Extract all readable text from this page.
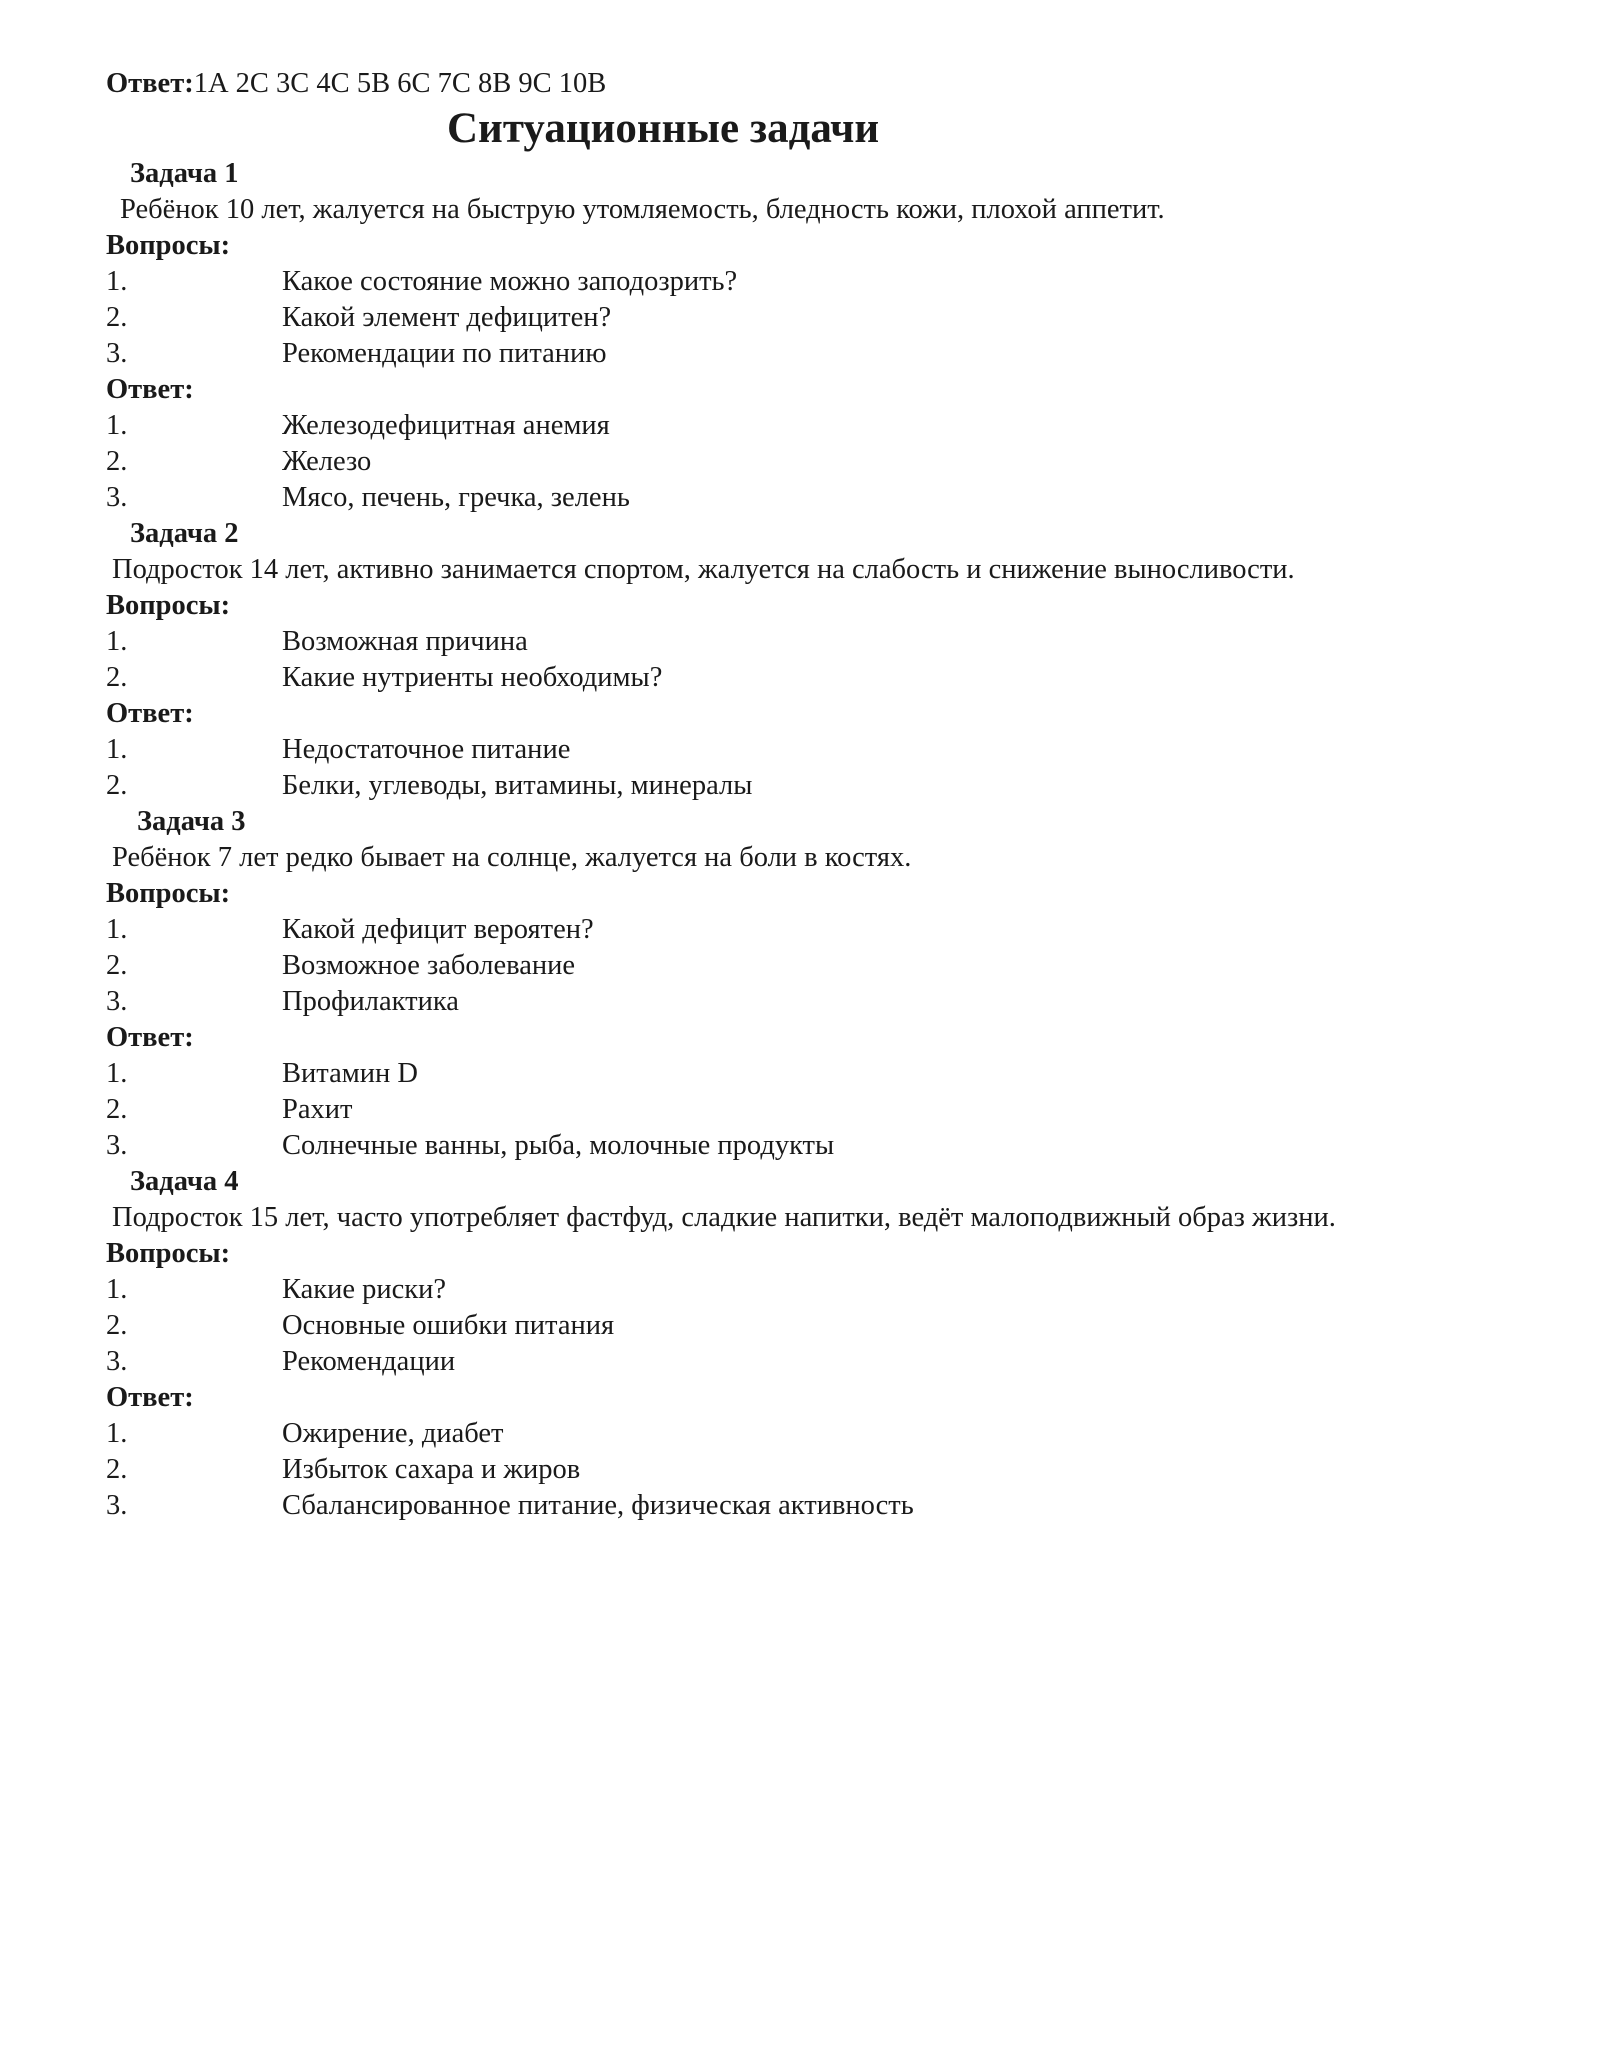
Ответ:1А 2С 3С 4С 5В 6С 7С 8В 9С 10В
Ситуационные задачи
Задача 1
Ребёнок 10 лет, жалуется на быструю утомляемость, бледность кожи, плохой аппетит.
Вопросы:
1.	Какое состояние можно заподозрить?
2.	Какой элемент дефицитен?
3.	Рекомендации по питанию
Ответ:
1.	Железодефицитная анемия
2.	Железо
3.	Мясо, печень, гречка, зелень
Задача 2
Подросток 14 лет, активно занимается спортом, жалуется на слабость и снижение выносливости.
Вопросы:
1.	Возможная причина
2.	Какие нутриенты необходимы?
Ответ:
1.	Недостаточное питание
2.	Белки, углеводы, витамины, минералы
Задача 3
Ребёнок 7 лет редко бывает на солнце, жалуется на боли в костях.
Вопросы:
1.	Какой дефицит вероятен?
2.	Возможное заболевание
3.	Профилактика
Ответ:
1.	Витамин D
2.	Рахит
3.	Солнечные ванны, рыба, молочные продукты
Задача 4
Подросток 15 лет, часто употребляет фастфуд, сладкие напитки, ведёт малоподвижный образ жизни.
Вопросы:
1.	Какие риски?
2.	Основные ошибки питания
3.	Рекомендации
Ответ:
1.	Ожирение, диабет
2.	Избыток сахара и жиров
3.	Сбалансированное питание, физическая активность
